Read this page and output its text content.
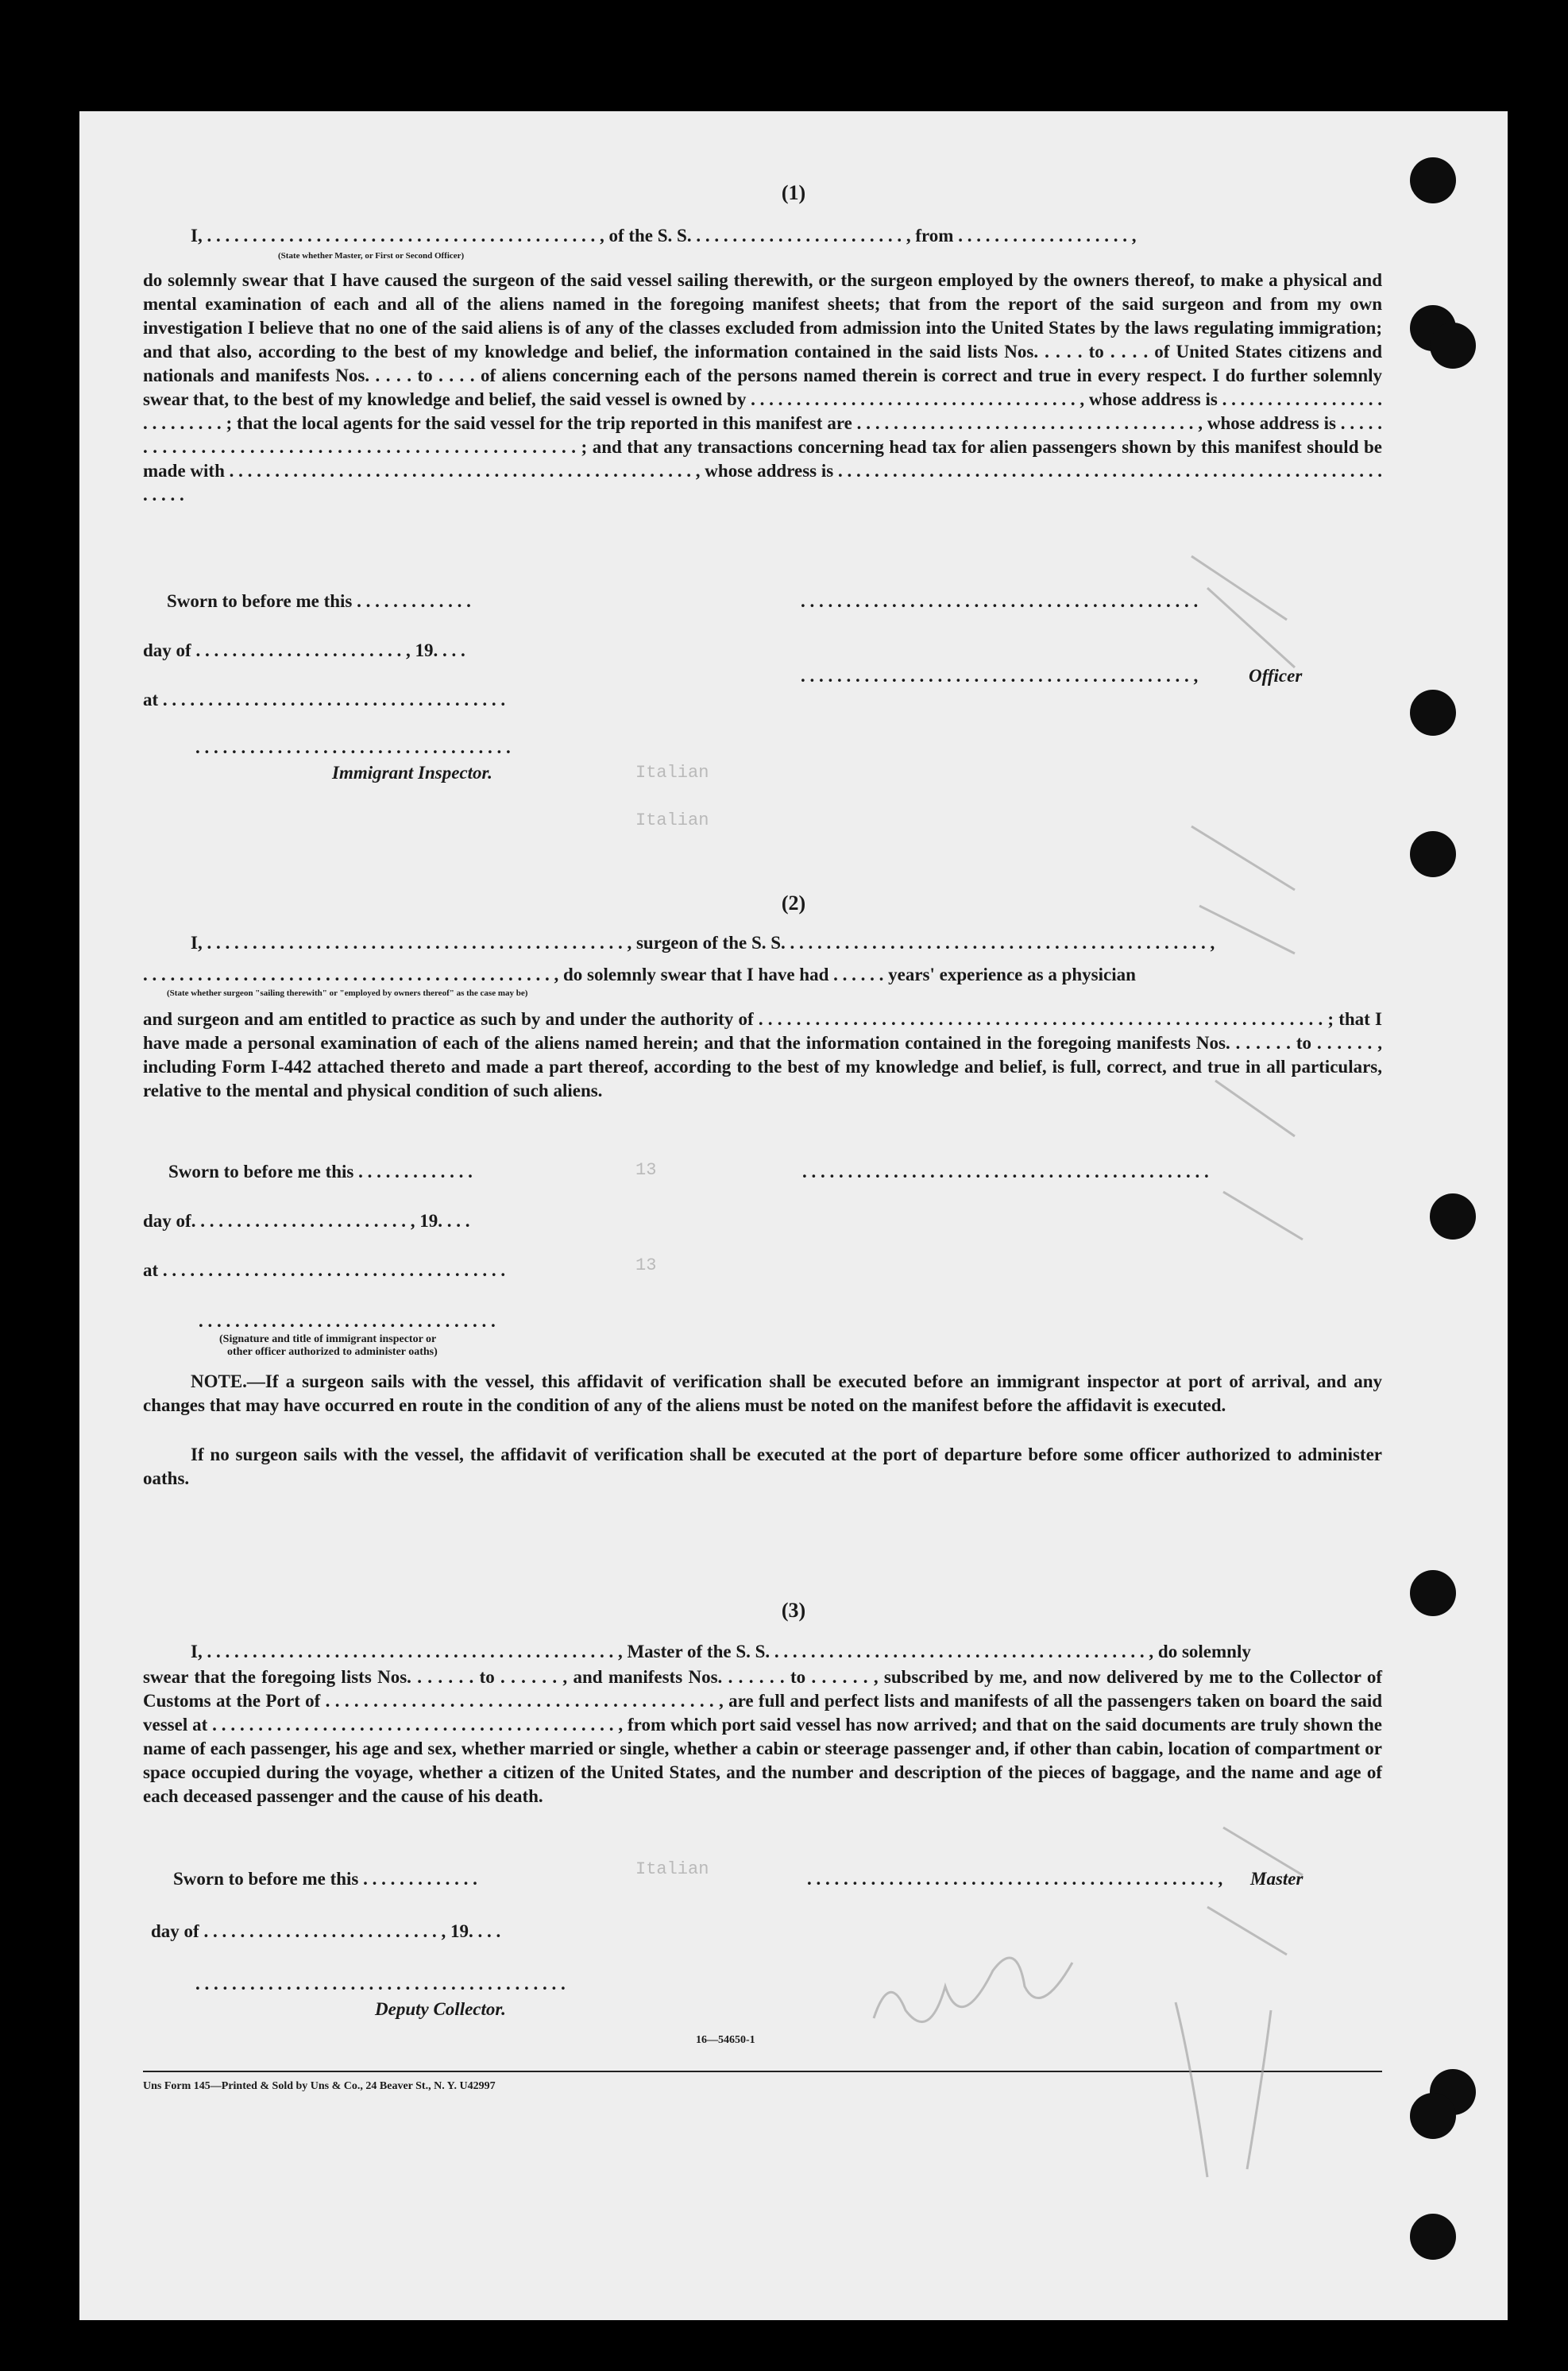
(1)
I, . . . . . . . . . . . . . . . . . . . . . . . . . . . . . . . . . . . . . . . . . . . , of the S. S. . . . . . . . . . . . . . . . . . . . . . . . , from . . . . . . . . . . . . . . . . . . . ,
(State whether Master, or First or Second Officer)
do solemnly swear that I have caused the surgeon of the said vessel sailing therewith, or the surgeon employed by the owners thereof, to make a physical and mental examination of each and all of the aliens named in the foregoing manifest sheets; that from the report of the said surgeon and from my own investigation I believe that no one of the said aliens is of any of the classes excluded from admission into the United States by the laws regulating immigration; and that also, according to the best of my knowledge and belief, the information contained in the said lists Nos. . . . . to . . . . of United States citizens and nationals and manifests Nos. . . . . to . . . . of aliens concerning each of the persons named therein is correct and true in every respect. I do further solemnly swear that, to the best of my knowledge and belief, the said vessel is owned by . . . . . . . . . . . . . . . . . . . . . . . . . . . . . . . . . . . . , whose address is . . . . . . . . . . . . . . . . . . . . . . . . . . . ; that the local agents for the said vessel for the trip reported in this manifest are . . . . . . . . . . . . . . . . . . . . . . . . . . . . . . . . . . . . . , whose address is . . . . . . . . . . . . . . . . . . . . . . . . . . . . . . . . . . . . . . . . . . . . . . . . . . ; and that any transactions concerning head tax for alien passengers shown by this manifest should be made with . . . . . . . . . . . . . . . . . . . . . . . . . . . . . . . . . . . . . . . . . . . . . . . . . . . , whose address is . . . . . . . . . . . . . . . . . . . . . . . . . . . . . . . . . . . . . . . . . . . . . . . . . . . . . . . . . . . . . . . . .
Sworn to before me this . . . . . . . . . . . . .
day of . . . . . . . . . . . . . . . . . . . . . . . , 19. . . .
at . . . . . . . . . . . . . . . . . . . . . . . . . . . . . . . . . . . . . .
. . . . . . . . . . . . . . . . . . . . . . . . . . . . . . . . . . .
Immigrant Inspector.
. . . . . . . . . . . . . . . . . . . . . . . . . . . . . . . . . . . . . . . . . . . .
. . . . . . . . . . . . . . . . . . . . . . . . . . . . . . . . . . . . . . . . . . . ,	Officer
(2)
I, . . . . . . . . . . . . . . . . . . . . . . . . . . . . . . . . . . . . . . . . . . . . . . , surgeon of the S. S. . . . . . . . . . . . . . . . . . . . . . . . . . . . . . . . . . . . . . . . . . . . . . . ,
. . . . . . . . . . . . . . . . . . . . . . . . . . . . . . . . . . . . . . . . . . . . . , do solemnly swear that I have had . . . . . . years' experience as a physician
(State whether surgeon "sailing therewith" or "employed by owners thereof" as the case may be)
and surgeon and am entitled to practice as such by and under the authority of . . . . . . . . . . . . . . . . . . . . . . . . . . . . . . . . . . . . . . . . . . . . . . . . . . . . . . . . . . . . ; that I have made a personal examination of each of the aliens named herein; and that the information contained in the foregoing manifests Nos. . . . . . . to . . . . . . , including Form I-442 attached thereto and made a part thereof, according to the best of my knowledge and belief, is full, correct, and true in all particulars, relative to the mental and physical condition of such aliens.
Sworn to before me this . . . . . . . . . . . . .
day of. . . . . . . . . . . . . . . . . . . . . . . . , 19. . . .
at . . . . . . . . . . . . . . . . . . . . . . . . . . . . . . . . . . . . . .
. . . . . . . . . . . . . . . . . . . . . . . . . . . . . . . . . . . . . . . . . . . . .
. . . . . . . . . . . . . . . . . . . . . . . . . . . . . . . . .
(Signature and title of immigrant inspector or
other officer authorized to administer oaths)
NOTE.—If a surgeon sails with the vessel, this affidavit of verification shall be executed before an immigrant inspector at port of arrival, and any changes that may have occurred en route in the condition of any of the aliens must be noted on the manifest before the affidavit is executed.
If no surgeon sails with the vessel, the affidavit of verification shall be executed at the port of departure before some officer authorized to administer oaths.
(3)
I, . . . . . . . . . . . . . . . . . . . . . . . . . . . . . . . . . . . . . . . . . . . . . , Master of the S. S. . . . . . . . . . . . . . . . . . . . . . . . . . . . . . . . . . . . . . . . . . , do solemnly
swear that the foregoing lists Nos. . . . . . . to . . . . . . , and manifests Nos. . . . . . . to . . . . . . , subscribed by me, and now delivered by me to the Collector of Customs at the Port of . . . . . . . . . . . . . . . . . . . . . . . . . . . . . . . . . . . . . . . . . , are full and perfect lists and manifests of all the passengers taken on board the said vessel at . . . . . . . . . . . . . . . . . . . . . . . . . . . . . . . . . . . . . . . . . . . . , from which port said vessel has now arrived; and that on the said documents are truly shown the name of each passenger, his age and sex, whether married or single, whether a cabin or steerage passenger and, if other than cabin, location of compartment or space occupied during the voyage, whether a citizen of the United States, and the number and description of the pieces of baggage, and the name and age of each deceased passenger and the cause of his death.
Sworn to before me this . . . . . . . . . . . . .
day of . . . . . . . . . . . . . . . . . . . . . . . . . . , 19. . . .
. . . . . . . . . . . . . . . . . . . . . . . . . . . . . . . . . . . . . . . . .
Deputy Collector.
. . . . . . . . . . . . . . . . . . . . . . . . . . . . . . . . . . . . . . . . . . . . . , Master
16—54650-1
Uns Form 145—Printed & Sold by Uns & Co., 24 Beaver St., N. Y. U42997
Italian
Italian
13
13
Italian
